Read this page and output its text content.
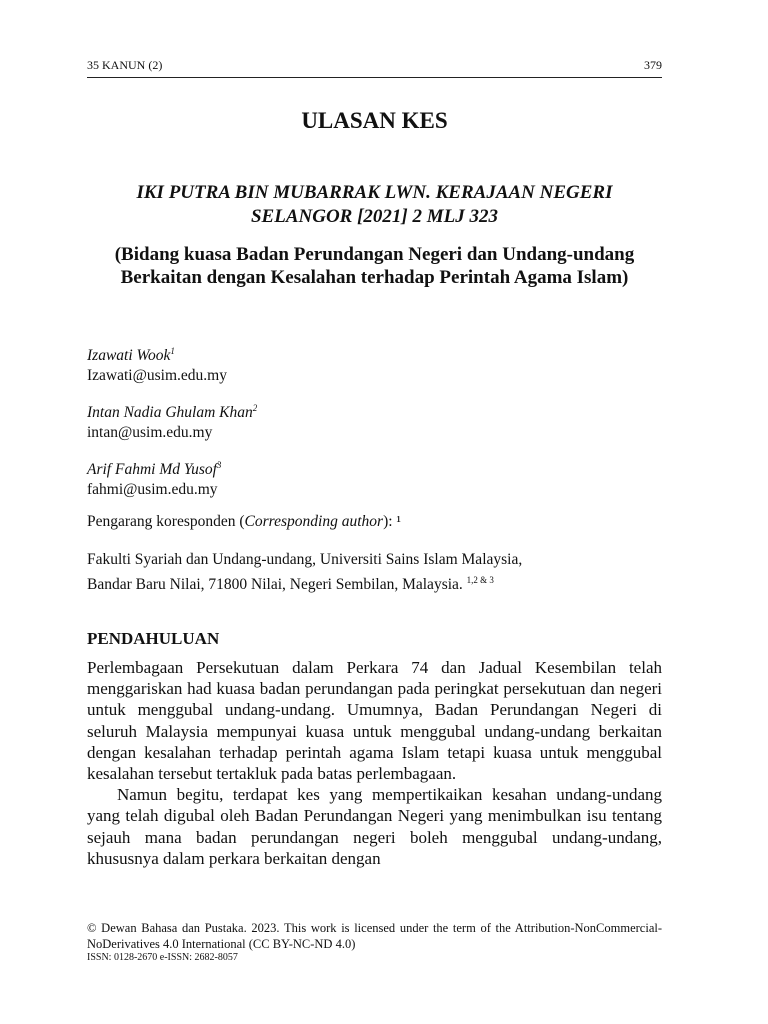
35 KANUN (2)	379
ULASAN KES
IKI PUTRA BIN MUBARRAK LWN. KERAJAAN NEGERI
SELANGOR [2021] 2 MLJ 323
(Bidang kuasa Badan Perundangan Negeri dan Undang-undang Berkaitan dengan Kesalahan terhadap Perintah Agama Islam)
Izawati Wook$^1$
Izawati@usim.edu.my
Intan Nadia Ghulam Khan$^2$
intan@usim.edu.my
Arif Fahmi Md Yusof$^3$
fahmi@usim.edu.my
Pengarang koresponden (Corresponding author): ¹
Fakulti Syariah dan Undang-undang, Universiti Sains Islam Malaysia,
Bandar Baru Nilai, 71800 Nilai, Negeri Sembilan, Malaysia. $^{1,2 \& 3}$
PENDAHULUAN

Perlembagaan Persekutuan dalam Perkara 74 dan Jadual Kesembilan telah menggariskan had kuasa badan perundangan pada peringkat persekutuan dan negeri untuk menggubal undang-undang. Umumnya, Badan Perundangan Negeri di seluruh Malaysia mempunyai kuasa untuk menggubal undang-undang berkaitan dengan kesalahan terhadap perintah agama Islam tetapi kuasa untuk menggubal kesalahan tersebut tertakluk pada batas perlembagaan.

Namun begitu, terdapat kes yang mempertikaikan kesahan undang-undang yang telah digubal oleh Badan Perundangan Negeri yang menimbulkan isu tentang sejauh mana badan perundangan negeri boleh menggubal undang-undang, khususnya dalam perkara berkaitan dengan

© Dewan Bahasa dan Pustaka. 2023. This work is licensed under the term of the Attribution-NonCommercial-NoDerivatives 4.0 International (CC BY-NC-ND 4.0)
ISSN: 0128-2670 e-ISSN: 2682-8057
